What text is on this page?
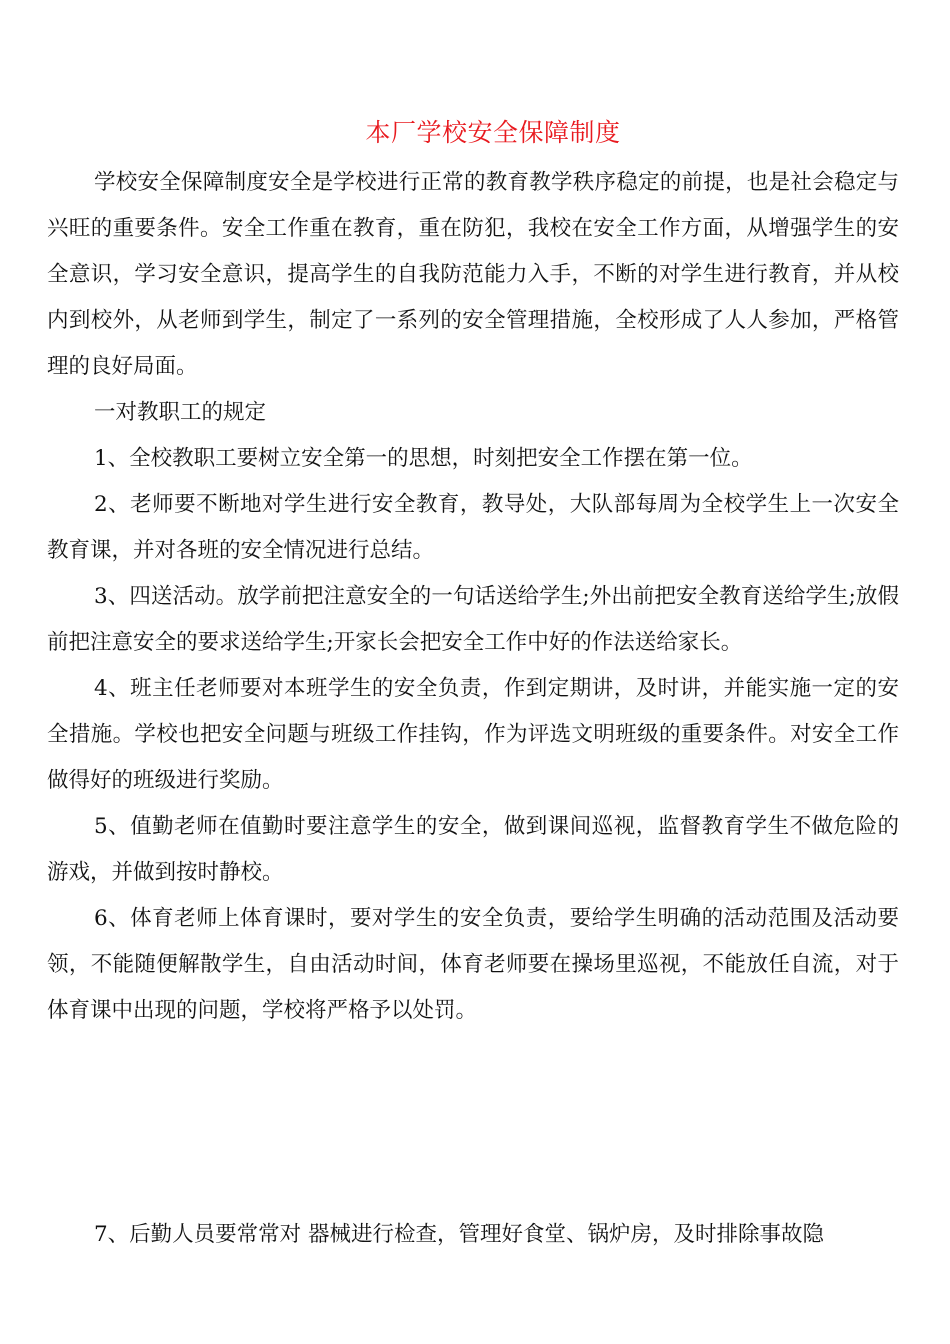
本厂学校安全保障制度

学校安全保障制度安全是学校进行正常的教育教学秩序稳定的前提，也是社会稳定与兴旺的重要条件。安全工作重在教育，重在防犯，我校在安全工作方面，从增强学生的安全意识，学习安全意识，提高学生的自我防范能力入手，不断的对学生进行教育，并从校内到校外，从老师到学生，制定了一系列的安全管理措施，全校形成了人人参加，严格管理的良好局面。

一对教职工的规定

1、全校教职工要树立安全第一的思想，时刻把安全工作摆在第一位。

2、老师要不断地对学生进行安全教育，教导处，大队部每周为全校学生上一次安全教育课，并对各班的安全情况进行总结。

3、四送活动。放学前把注意安全的一句话送给学生;外出前把安全教育送给学生;放假前把注意安全的要求送给学生;开家长会把安全工作中好的作法送给家长。

4、班主任老师要对本班学生的安全负责，作到定期讲，及时讲，并能实施一定的安全措施。学校也把安全问题与班级工作挂钩，作为评选文明班级的重要条件。对安全工作做得好的班级进行奖励。

5、值勤老师在值勤时要注意学生的安全，做到课间巡视，监督教育学生不做危险的游戏，并做到按时静校。

6、体育老师上体育课时，要对学生的安全负责，要给学生明确的活动范围及活动要领，不能随便解散学生，自由活动时间，体育老师要在操场里巡视，不能放任自流，对于体育课中出现的问题，学校将严格予以处罚。

7、后勤人员要常常对 器械进行检查，管理好食堂、锅炉房，及时排除事故隐
